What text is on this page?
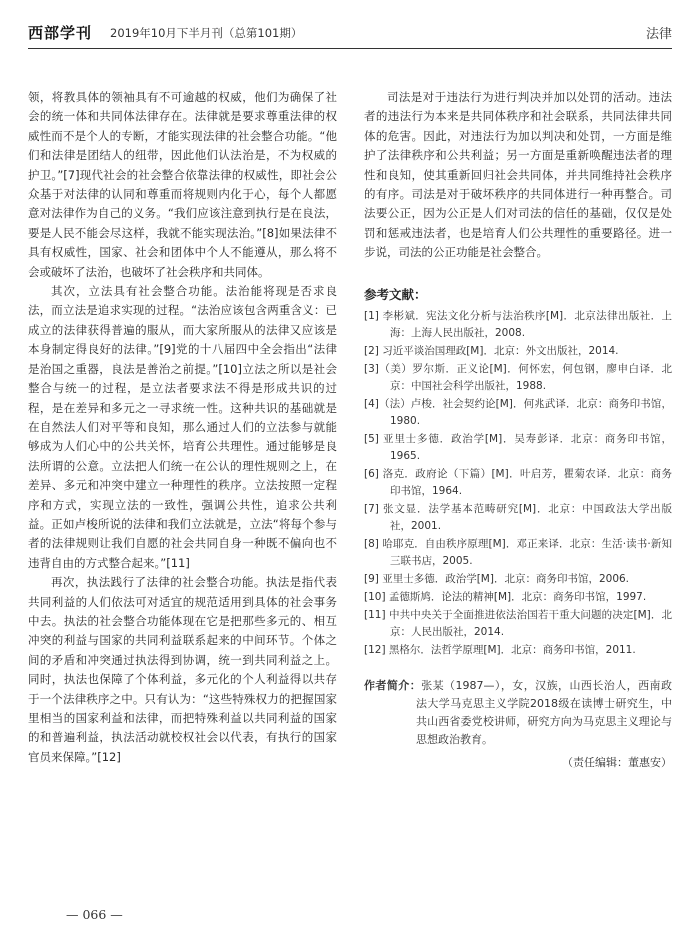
西部学刊 2019年10月下半月刊（总第101期）	法律

领，将教具体的领袖具有不可逾越的权威，他们为确保了社会的统一体和共同体法律存在。法律就是要求尊重法律的权威性而不是个人的专断，才能实现法律的社会整合功能。“他们和法律是团结人的纽带，因此他们认法治是，不为权威的护卫。”[7]现代社会的社会整合依靠法律的权威性，即社会公众基于对法律的认同和尊重而将规则内化于心，每个人都愿意对法律作为自己的义务。“我们应该注意到执行是在良法，要是人民不能会尽这样，我就不能实现法治。”[8]如果法律不具有权威性，国家、社会和团体中个人不能遵从，那么将不会或破坏了法治，也破坏了社会秩序和共同体。

其次，立法具有社会整合功能。法治能将现是否求良法，而立法是追求实现的过程。“法治应该包含两重含义：已成立的法律获得普遍的服从，而大家所服从的法律又应该是本身制定得良好的法律。”[9]党的十八届四中全会指出“法律是治国之重器，良法是善治之前提。”[10]立法之所以是社会整合与统一的过程，是立法者要求法不得是形成共识的过程，是在差异和多元之一寻求统一性。这种共识的基础就是在自然法人们对平等和良知，那么通过人们的立法参与就能够成为人们心中的公共关怀，培育公共理性。通过能够是良法所谓的公意。立法把人们统一在公认的理性规则之上，在差异、多元和冲突中建立一种理性的秩序。立法按照一定程序和方式，实现立法的一致性，强调公共性，追求公共利益。正如卢梭所说的法律和我们立法就是，立法“将每个参与者的法律规则让我们自愿的社会共同自身一种既不偏向也不违背自由的方式整合起来。”[11]

再次，执法践行了法律的社会整合功能。执法是指代表共同利益的人们依法可对适宜的规范适用到具体的社会事务中去。执法的社会整合功能体现在它是把那些多元的、相互冲突的利益与国家的共同利益联系起来的中间环节。个体之间的矛盾和冲突通过执法得到协调，统一到共同利益之上。同时，执法也保障了个体利益，多元化的个人利益得以共存于一个法律秩序之中。只有认为：“这些特殊权力的把握国家里相当的国家利益和法律，而把特殊利益以共同利益的国家的和普遍利益，执法活动就校权社会以代表，有执行的国家官员来保障。”[12]

司法是对于违法行为进行判决并加以处罚的活动。违法者的违法行为本来是共同体秩序和社会联系，共同法律共同体的危害。因此，对违法行为加以判决和处罚，一方面是维护了法律秩序和公共利益；另一方面是重新唤醒违法者的理性和良知，使其重新回归社会共同体，并共同维持社会秩序的有序。司法是对于破坏秩序的共同体进行一种再整合。司法要公正，因为公正是人们对司法的信任的基础，仅仅是处罚和惩戒违法者，也是培育人们公共理性的重要路径。进一步说，司法的公正功能是社会整合。

参考文献：
[1] 李彬斌．宪法文化分析与法治秩序[M]．北京法律出版社．上海：上海人民出版社，2008.
[2] 习近平谈治国理政[M]．北京：外文出版社，2014.
[3]（美）罗尔斯．正义论[M]．何怀宏，何包钢，廖申白译．北京：中国社会科学出版社，1988.
[4]（法）卢梭．社会契约论[M]．何兆武译．北京：商务印书馆，1980.
[5] 亚里士多德．政治学[M]．吴寿彭译．北京：商务印书馆，1965.
[6] 洛克．政府论（下篇）[M]．叶启芳，瞿菊农译．北京：商务印书馆，1964.
[7] 张文显．法学基本范畴研究[M]．北京：中国政法大学出版社，2001.
[8] 哈耶克．自由秩序原理[M]．邓正来译．北京：生活·读书·新知三联书店，2005.
[9] 亚里士多德．政治学[M]．北京：商务印书馆，2006.
[10] 孟德斯鸠．论法的精神[M]．北京：商务印书馆，1997.
[11] 中共中央关于全面推进依法治国若干重大问题的决定[M]．北京：人民出版社，2014.
[12] 黑格尔．法哲学原理[M]．北京：商务印书馆，2011.
作者简介：张某（1987—），女，汉族，山西长治人，西南政法大学马克思主义学院2018级在读博士研究生，中共山西省委党校讲师，研究方向为马克思主义理论与思想政治教育。
（责任编辑：董惠安）
— 066 —
